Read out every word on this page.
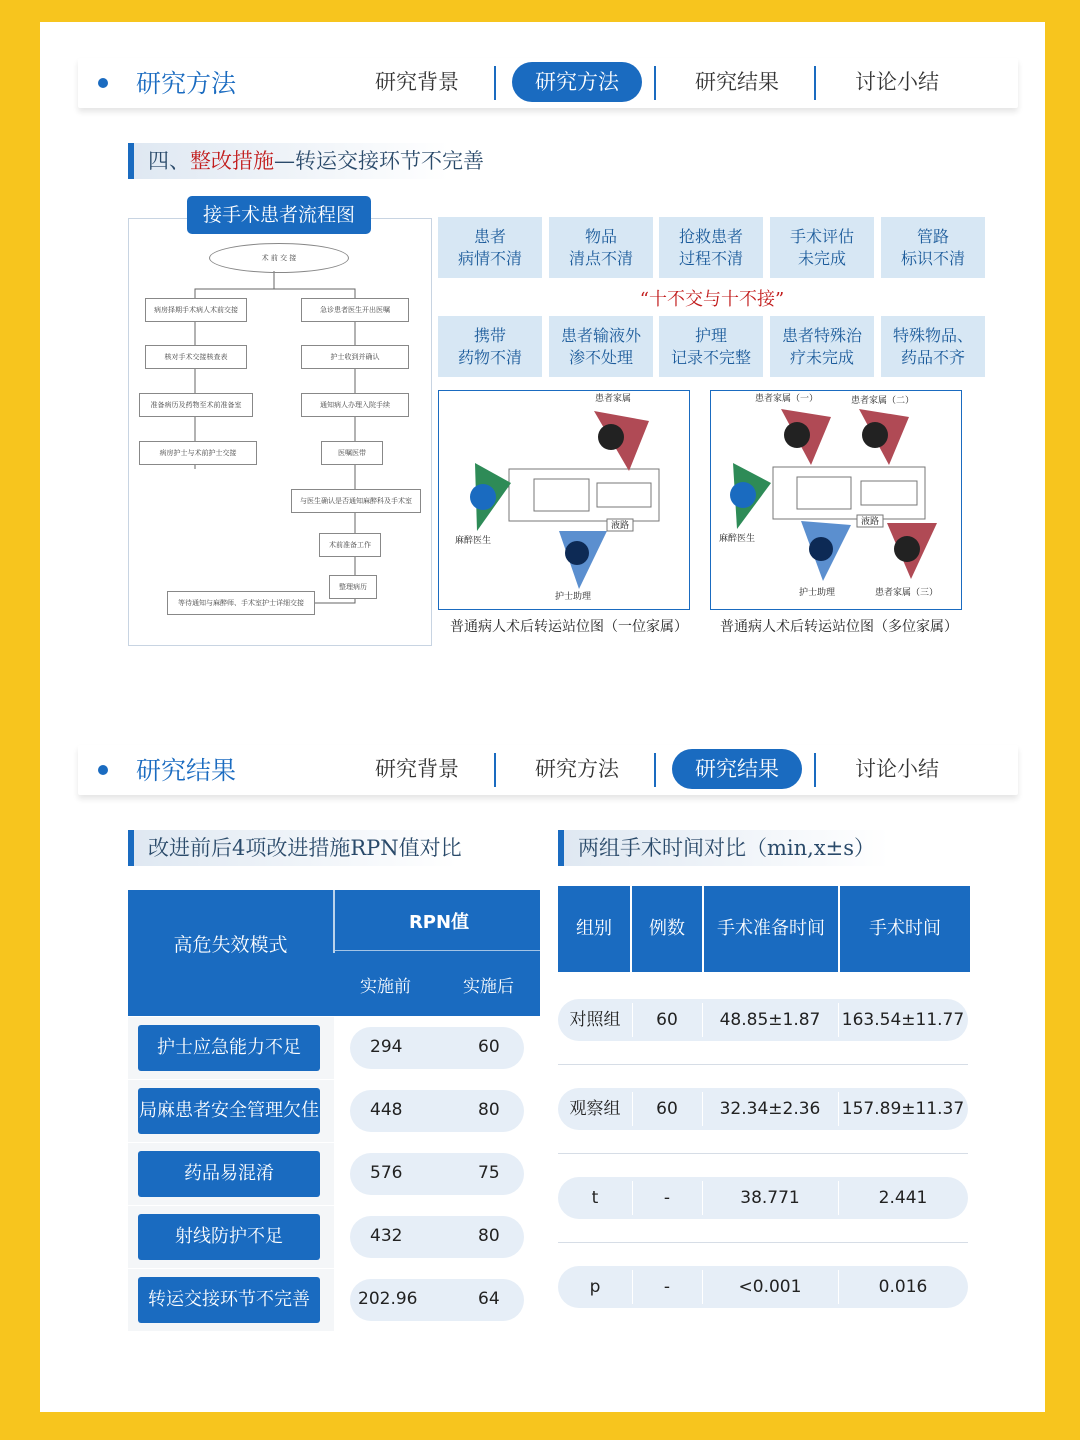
研究方法	研究背景	研究方法	研究结果	讨论小结
四、整改措施—转运交接环节不完善
术 前 交 接
病房择期手术病人术前交接
核对手术交接核查表
准备病历及药物至术前准备室
病房护士与术前护士交接
急诊患者医生开出医嘱
护士收到并确认
通知病人办理入院手续
医嘱医带
与医生确认是否通知麻醉科及手术室
术前准备工作
整理病历
等待通知与麻醉师、手术室护士详细交接
接手术患者流程图
患者
病情不清
物品
清点不清
抢救患者
过程不清
手术评估
未完成
管路
标识不清
“十不交与十不接”
携带
药物不清
患者输液外
渗不处理
护理
记录不完整
患者特殊治
疗未完成
特殊物品、
药品不齐
患者家属
麻醉医生
护士助理
液路
普通病人术后转运站位图（一位家属）
患者家属（一）	患者家属（二）
麻醉医生
护士助理	患者家属（三）
液路
普通病人术后转运站位图（多位家属）
研究结果	研究背景	研究方法	研究结果	讨论小结
改进前后4项改进措施RPN值对比
高危失效模式
RPN值
实施前	实施后
护士应急能力不足	294	60
局麻患者安全管理欠佳	448	80
药品易混淆	576	75
射线防护不足	432	80
转运交接环节不完善	202.96	64
两组手术时间对比（min,x±s）
组别	例数	手术准备时间	手术时间
对照组	60	48.85±1.87	163.54±11.77
观察组	60	32.34±2.36	157.89±11.37
t	-	38.771	2.441
p	-	<0.001	0.016
